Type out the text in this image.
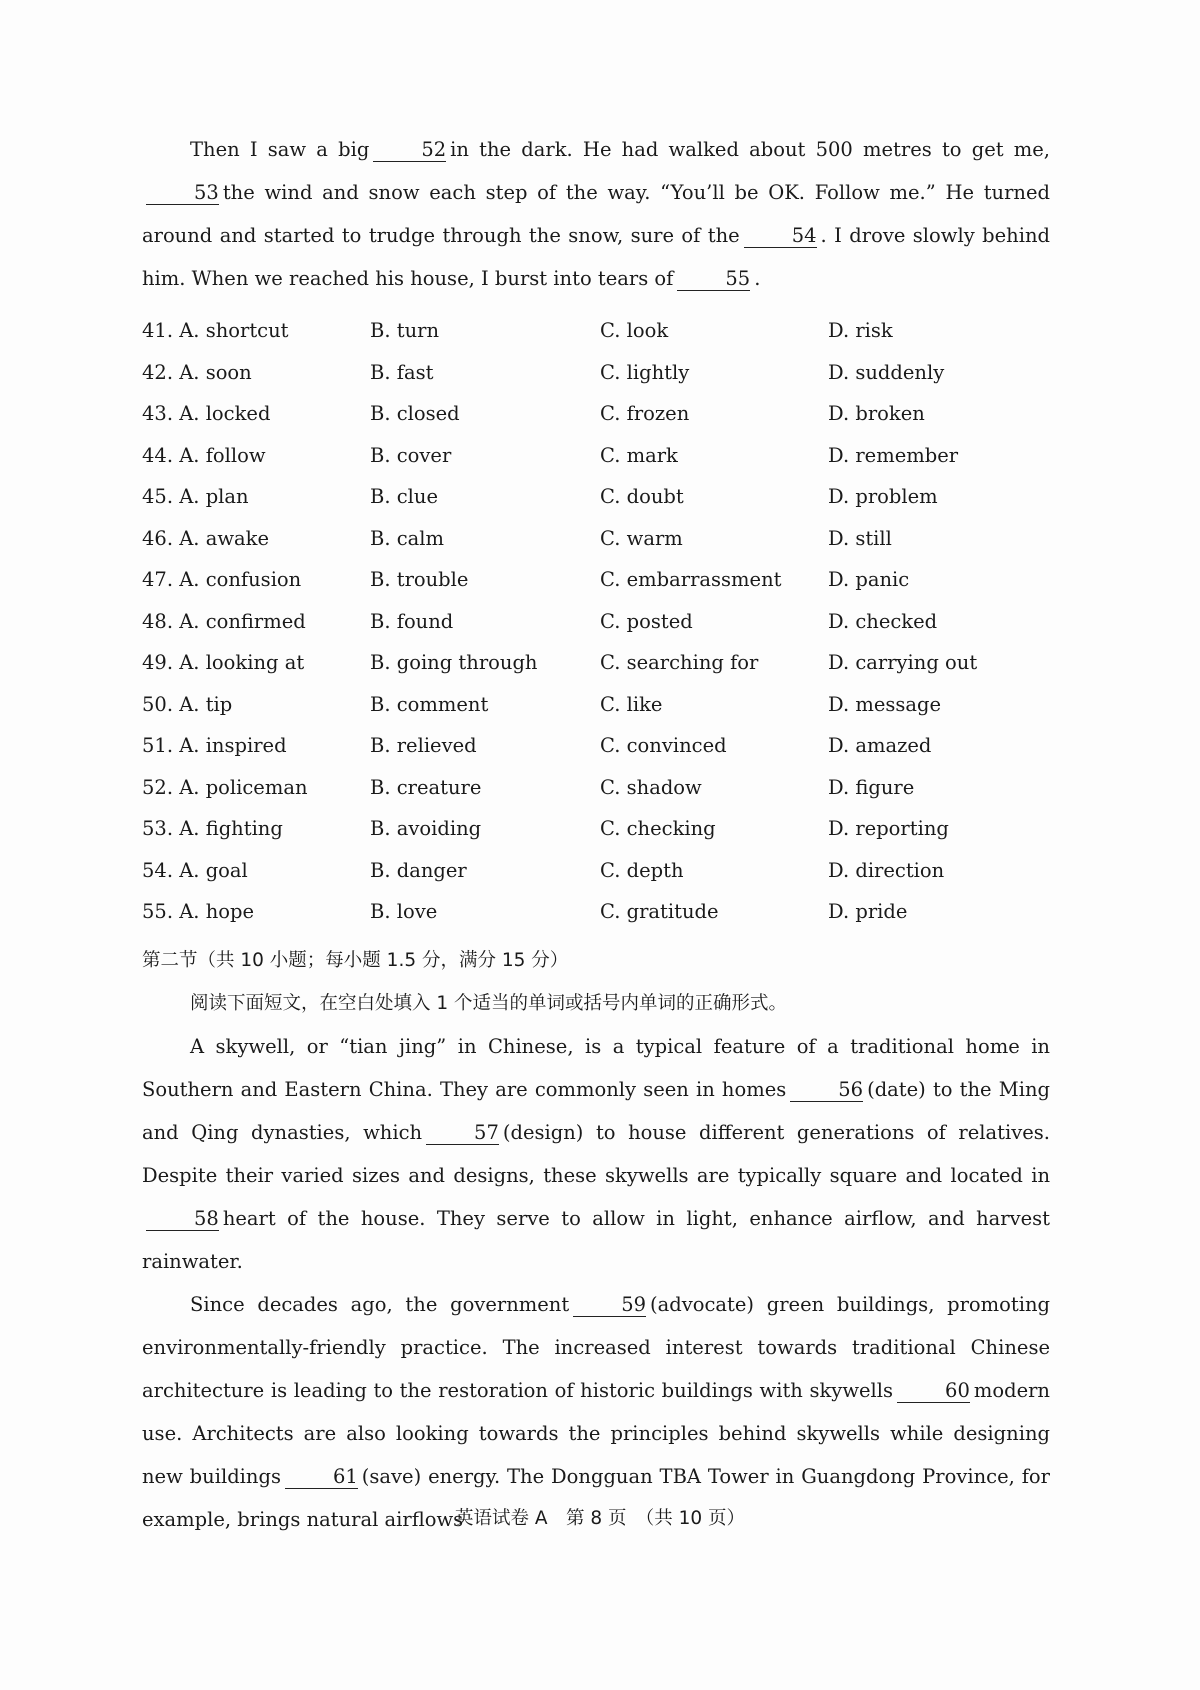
Then I saw a big	52 in the dark. He had walked about 500 metres to get me,53 the wind and snow each step of the way. “You’ll be OK. Follow me.” He turned around and started to trudge through the snow, sure of the	54 . I drove slowly behind him. When we reached his house, I burst into tears of	55 .

41. A. shortcut	B. turn	C. look	D. risk
42. A. soon	B. fast	C. lightly	D. suddenly
43. A. locked	B. closed	C. frozen	D. broken
44. A. follow	B. cover	C. mark	D. remember
45. A. plan	B. clue	C. doubt	D. problem
46. A. awake	B. calm	C. warm	D. still
47. A. confusion	B. trouble	C. embarrassment	D. panic
48. A. confirmed	B. found	C. posted	D. checked
49. A. looking at	B. going through	C. searching for	D. carrying out
50. A. tip	B. comment	C. like	D. message
51. A. inspired	B. relieved	C. convinced	D. amazed
52. A. policeman	B. creature	C. shadow	D. figure
53. A. fighting	B. avoiding	C. checking	D. reporting
54. A. goal	B. danger	C. depth	D. direction
55. A. hope	B. love	C. gratitude	D. pride

第二节（共 10 小题；每小题 1.5 分，满分 15 分）

阅读下面短文，在空白处填入 1 个适当的单词或括号内单词的正确形式。

A skywell, or “tian jing” in Chinese, is a typical feature of a traditional home in Southern and Eastern China. They are commonly seen in homes	56 (date) to the Ming and Qing dynasties, which	57 (design) to house different generations of relatives. Despite their varied sizes and designs, these skywells are typically square and located in58 heart of the house. They serve to allow in light, enhance airflow, and harvest rainwater.

Since decades ago, the government	59 (advocate) green buildings, promoting environmentally-friendly practice. The increased interest towards traditional Chinese architecture is leading to the restoration of historic buildings with skywells	60 modern use. Architects are also looking towards the principles behind skywells while designing new buildings	61 (save) energy. The Dongguan TBA Tower in Guangdong Province, for example, brings natural airflows

英语试卷 A　第 8 页　（共 10 页）
